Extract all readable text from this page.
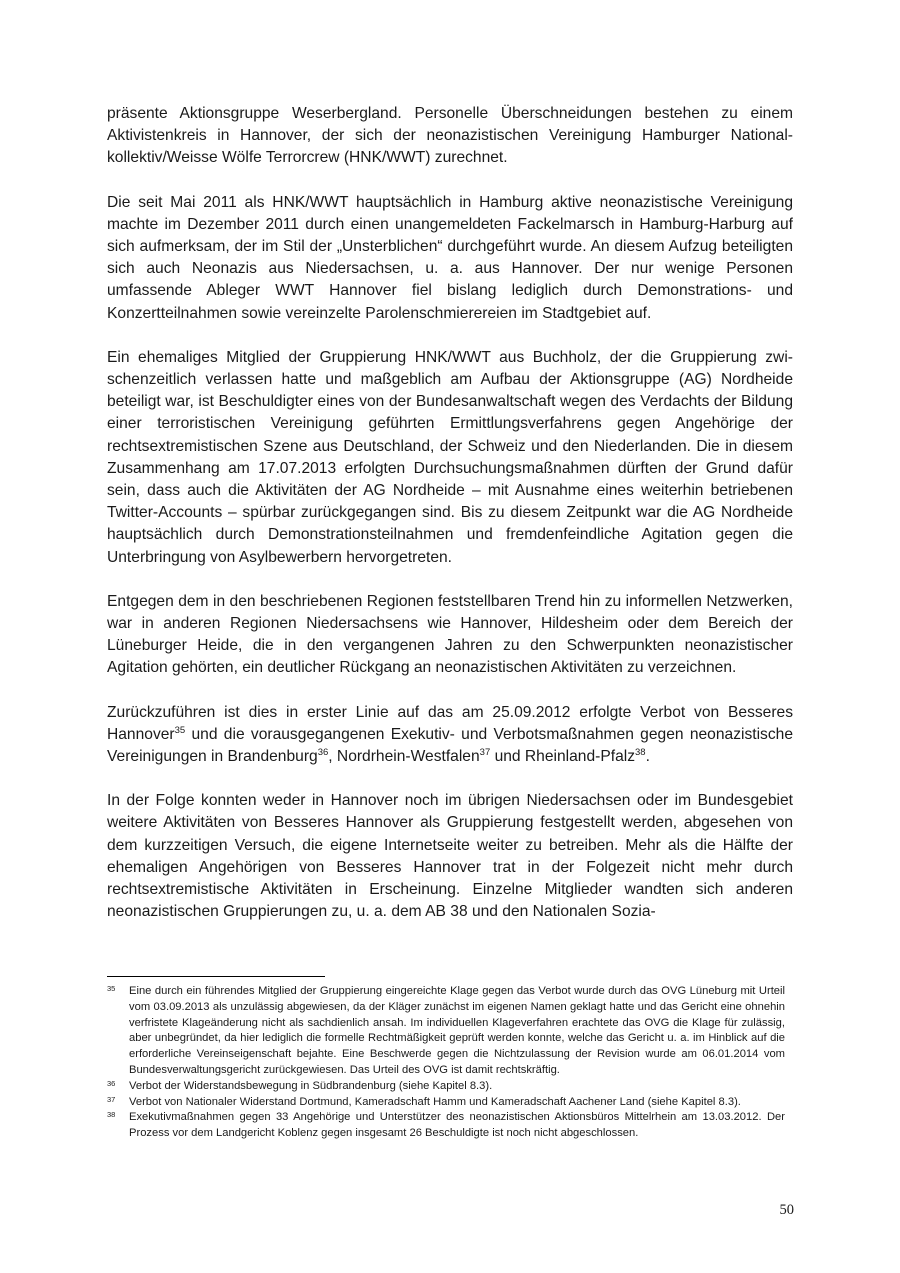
präsente Aktionsgruppe Weserbergland. Personelle Überschneidungen bestehen zu einem Aktivistenkreis in Hannover, der sich der neonazistischen Vereinigung Hamburger Nationalkollektiv/Weisse Wölfe Terrorcrew (HNK/WWT) zurechnet.

Die seit Mai 2011 als HNK/WWT hauptsächlich in Hamburg aktive neonazistische Vereinigung machte im Dezember 2011 durch einen unangemeldeten Fackelmarsch in Hamburg-Harburg auf sich aufmerksam, der im Stil der „Unsterblichen“ durchgeführt wurde. An diesem Aufzug beteiligten sich auch Neonazis aus Niedersachsen, u. a. aus Hannover. Der nur wenige Personen umfassende Ableger WWT Hannover fiel bislang lediglich durch Demonstrations- und Konzertteilnahmen sowie vereinzelte Parolenschmierereien im Stadtgebiet auf.

Ein ehemaliges Mitglied der Gruppierung HNK/WWT aus Buchholz, der die Gruppierung zwischenzeitlich verlassen hatte und maßgeblich am Aufbau der Aktionsgruppe (AG) Nordheide beteiligt war, ist Beschuldigter eines von der Bundesanwaltschaft wegen des Verdachts der Bildung einer terroristischen Vereinigung geführten Ermittlungsverfahrens gegen Angehörige der rechtsextremistischen Szene aus Deutschland, der Schweiz und den Niederlanden. Die in diesem Zusammenhang am 17.07.2013 erfolgten Durchsuchungsmaßnahmen dürften der Grund dafür sein, dass auch die Aktivitäten der AG Nordheide – mit Ausnahme eines weiterhin betriebenen Twitter-Accounts – spürbar zurückgegangen sind. Bis zu diesem Zeitpunkt war die AG Nordheide hauptsächlich durch Demonstrationsteilnahmen und fremdenfeindliche Agitation gegen die Unterbringung von Asylbewerbern hervorgetreten.

Entgegen dem in den beschriebenen Regionen feststellbaren Trend hin zu informellen Netzwerken, war in anderen Regionen Niedersachsens wie Hannover, Hildesheim oder dem Bereich der Lüneburger Heide, die in den vergangenen Jahren zu den Schwerpunkten neonazistischer Agitation gehörten, ein deutlicher Rückgang an neonazistischen Aktivitäten zu verzeichnen.

Zurückzuführen ist dies in erster Linie auf das am 25.09.2012 erfolgte Verbot von Besseres Hannover$^{35}$ und die vorausgegangenen Exekutiv- und Verbotsmaßnahmen gegen neonazistische Vereinigungen in Brandenburg$^{36}$, Nordrhein-Westfalen$^{37}$ und Rheinland-Pfalz$^{38}$.

In der Folge konnten weder in Hannover noch im übrigen Niedersachsen oder im Bundesgebiet weitere Aktivitäten von Besseres Hannover als Gruppierung festgestellt werden, abgesehen von dem kurzzeitigen Versuch, die eigene Internetseite weiter zu betreiben. Mehr als die Hälfte der ehemaligen Angehörigen von Besseres Hannover trat in der Folgezeit nicht mehr durch rechtsextremistische Aktivitäten in Erscheinung. Einzelne Mitglieder wandten sich anderen neonazistischen Gruppierungen zu, u. a. dem AB 38 und den Nationalen Sozia-

35 Eine durch ein führendes Mitglied der Gruppierung eingereichte Klage gegen das Verbot wurde durch das OVG Lüneburg mit Urteil vom 03.09.2013 als unzulässig abgewiesen, da der Kläger zunächst im eigenen Namen geklagt hatte und das Gericht eine ohnehin verfristete Klageänderung nicht als sachdienlich ansah. Im individuellen Klageverfahren erachtete das OVG die Klage für zulässig, aber unbegründet, da hier lediglich die formelle Rechtmäßigkeit geprüft werden konnte, welche das Gericht u. a. im Hinblick auf die erforderliche Vereinseigenschaft bejahte. Eine Beschwerde gegen die Nichtzulassung der Revision wurde am 06.01.2014 vom Bundesverwaltungsgericht zurückgewiesen. Das Urteil des OVG ist damit rechtskräftig.
36 Verbot der Widerstandsbewegung in Südbrandenburg (siehe Kapitel 8.3).
37 Verbot von Nationaler Widerstand Dortmund, Kameradschaft Hamm und Kameradschaft Aachener Land (siehe Kapitel 8.3).
38 Exekutivmaßnahmen gegen 33 Angehörige und Unterstützer des neonazistischen Aktionsbüros Mittelrhein am 13.03.2012. Der Prozess vor dem Landgericht Koblenz gegen insgesamt 26 Beschuldigte ist noch nicht abgeschlossen.
50
